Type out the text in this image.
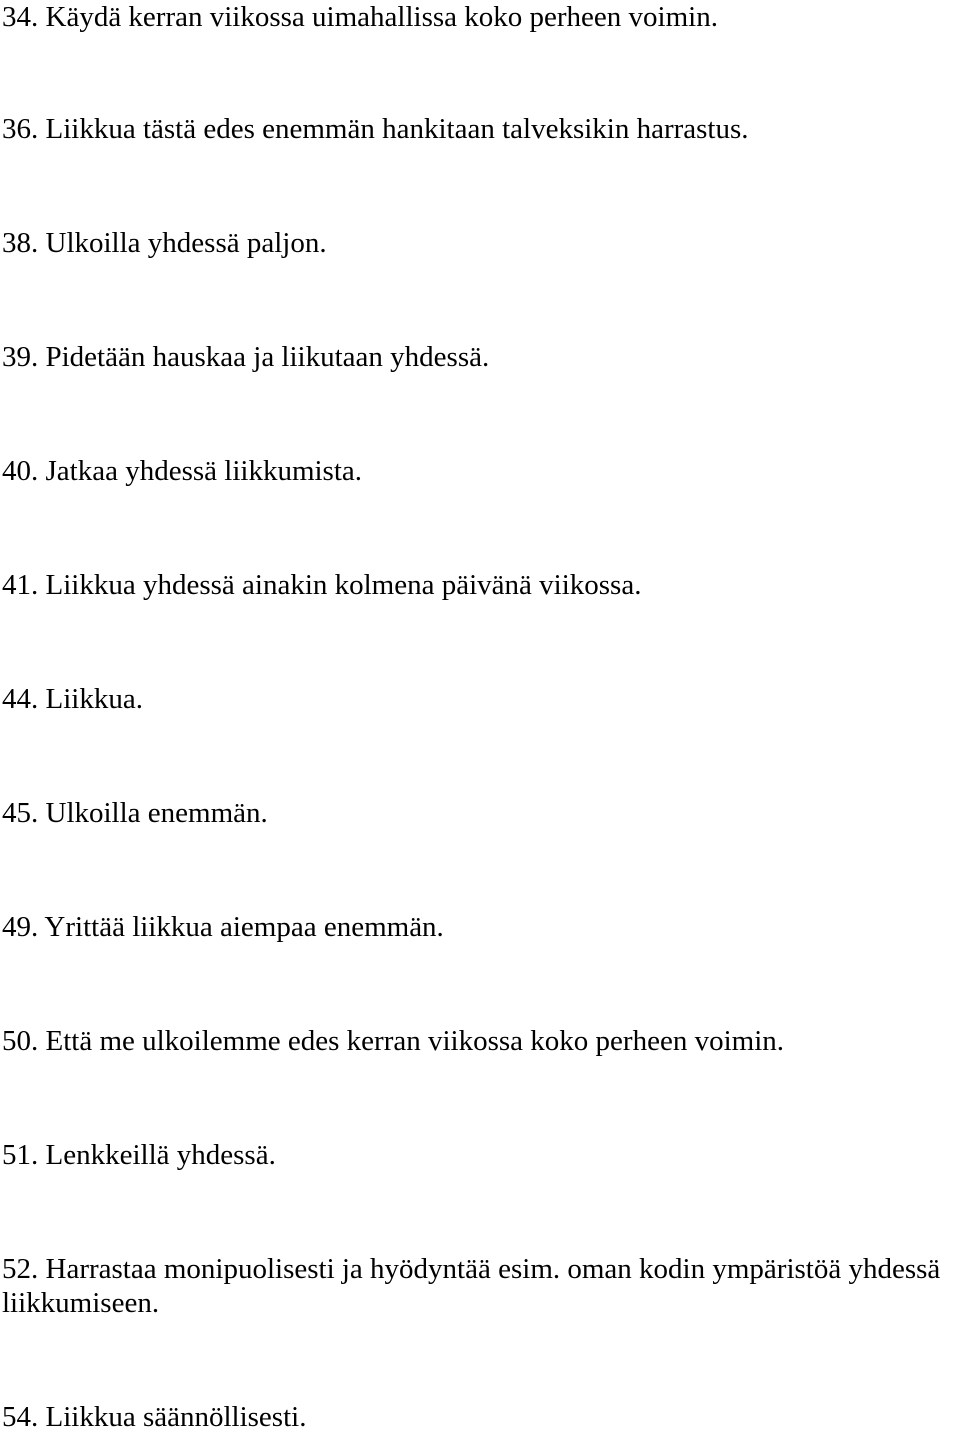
34. Käydä kerran viikossa uimahallissa koko perheen voimin.

36. Liikkua tästä edes enemmän hankitaan talveksikin harrastus.

38. Ulkoilla yhdessä paljon.

39. Pidetään hauskaa ja liikutaan yhdessä.

40. Jatkaa yhdessä liikkumista.

41. Liikkua yhdessä ainakin kolmena päivänä viikossa.

44. Liikkua.

45. Ulkoilla enemmän.

49. Yrittää liikkua aiempaa enemmän.

50. Että me ulkoilemme edes kerran viikossa koko perheen voimin.

51. Lenkkeillä yhdessä.

52. Harrastaa monipuolisesti ja hyödyntää esim. oman kodin ympäristöä yhdessä liikkumiseen.

54. Liikkua säännöllisesti.
